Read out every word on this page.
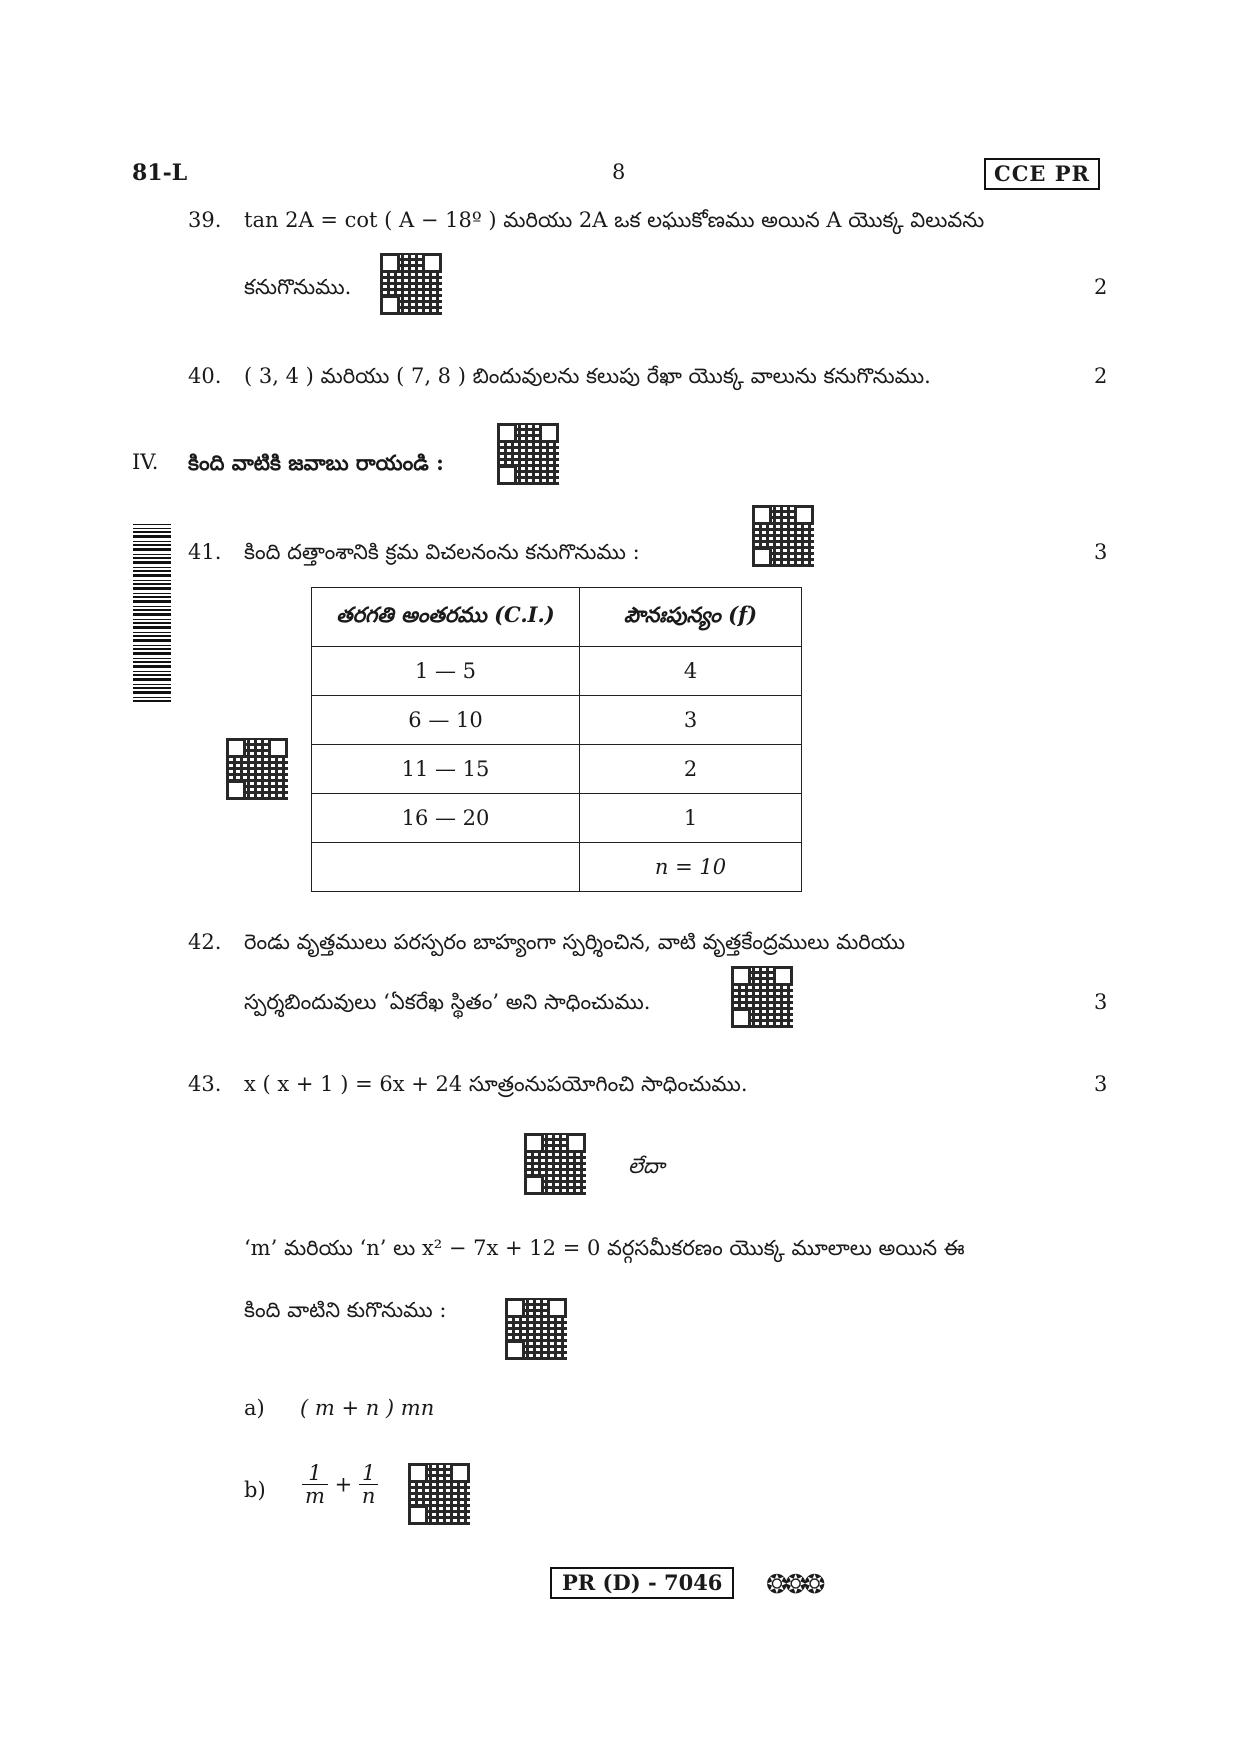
81-L	8	CCE PR
39. tan 2A = cot ( A − 18º ) మరియు 2A ఒక లఘుకోణము అయిన A యొక్క విలువను
కనుగొనుము.	2
40. ( 3, 4 ) మరియు ( 7, 8 ) బిందువులను కలుపు రేఖా యొక్క వాలును కనుగొనుము.	2
IV. కింది వాటికి జవాబు రాయండి :
41. కింది దత్తాంశానికి క్రమ విచలనంను కనుగొనుము :	3
తరగతి అంతరము (C.I.)	పౌనఃపున్యం (f)
1 — 5	4
6 — 10	3
11 — 15	2
16 — 20	1
	n = 10
42. రెండు వృత్తములు పరస్పరం బాహ్యంగా స్పర్శించిన, వాటి వృత్తకేంద్రములు మరియు
స్పర్శబిందువులు ‘ఏకరేఖ స్థితం’ అని సాధించుము.	3
43. x ( x + 1 ) = 6x + 24 సూత్రంనుపయోగించి సాధించుము.	3
లేదా
‘m’ మరియు ‘n’ లు x² − 7x + 12 = 0 వర్గసమీకరణం యొక్క మూలాలు అయిన ఈ
కింది వాటిని కుగొనుము :
a) ( m + n ) mn
$b) \frac{1}{m} + \frac{1}{n}$
PR (D) - 7046	❂❂❂
